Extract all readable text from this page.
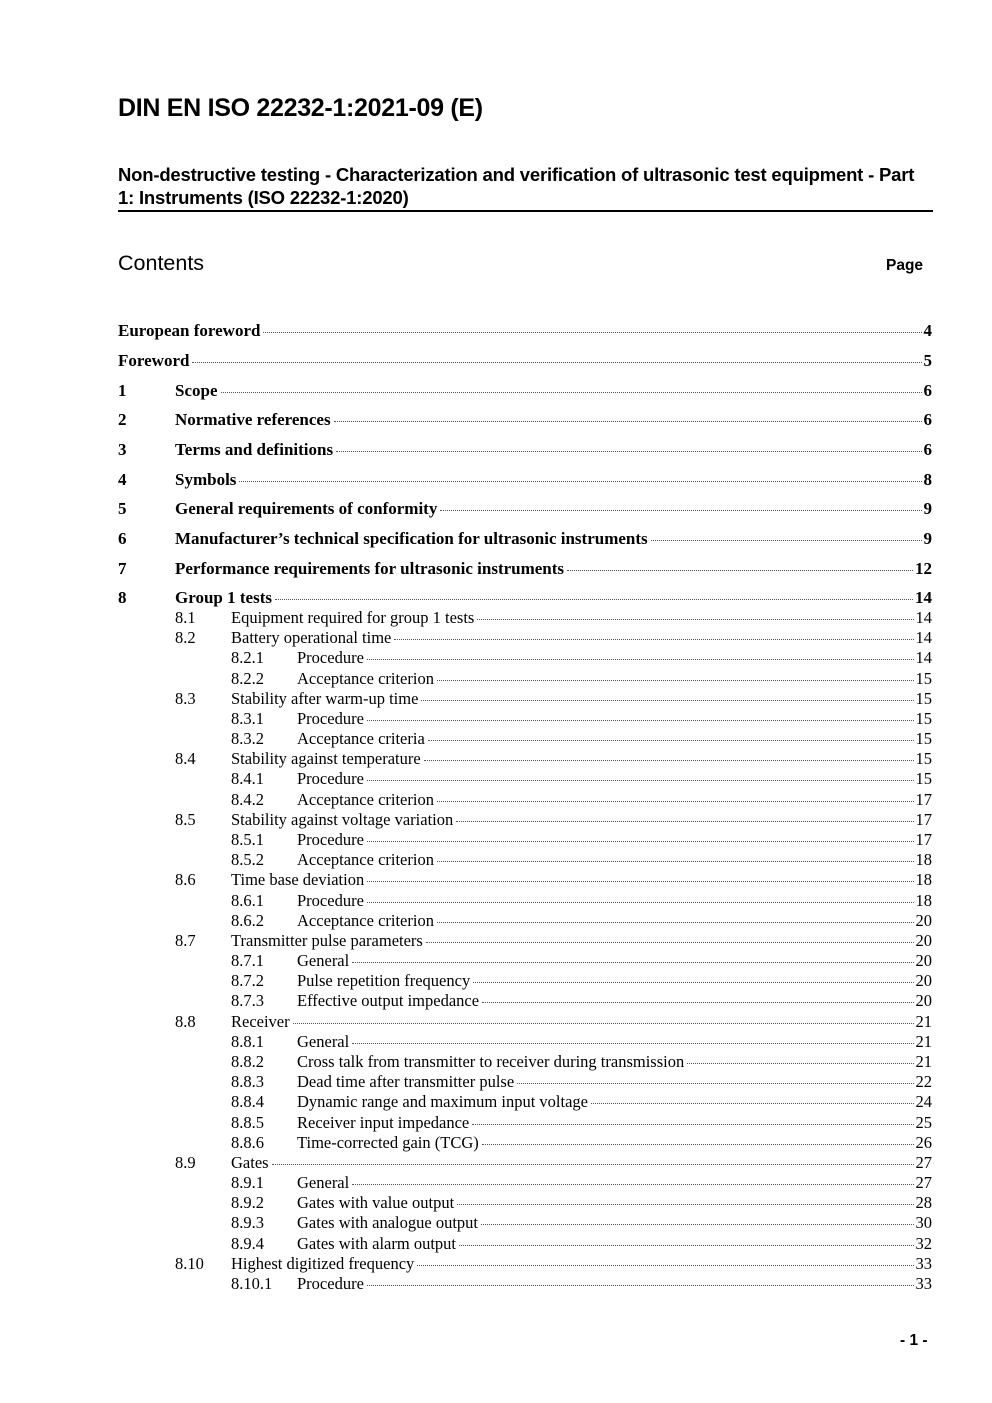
DIN EN ISO 22232-1:2021-09 (E)
Non-destructive testing - Characterization and verification of ultrasonic test equipment - Part 1: Instruments (ISO 22232-1:2020)
Contents	Page
European foreword	4
Foreword	5
1	Scope	6
2	Normative references	6
3	Terms and definitions	6
4	Symbols	8
5	General requirements of conformity	9
6	Manufacturer’s technical specification for ultrasonic instruments	9
7	Performance requirements for ultrasonic instruments	12
8	Group 1 tests	14
8.1 Equipment required for group 1 tests	14
8.2 Battery operational time	14
8.2.1 Procedure	14
8.2.2 Acceptance criterion	15
8.3 Stability after warm-up time	15
8.3.1 Procedure	15
8.3.2 Acceptance criteria	15
8.4 Stability against temperature	15
8.4.1 Procedure	15
8.4.2 Acceptance criterion	17
8.5 Stability against voltage variation	17
8.5.1 Procedure	17
8.5.2 Acceptance criterion	18
8.6 Time base deviation	18
8.6.1 Procedure	18
8.6.2 Acceptance criterion	20
8.7 Transmitter pulse parameters	20
8.7.1 General	20
8.7.2 Pulse repetition frequency	20
8.7.3 Effective output impedance	20
8.8 Receiver	21
8.8.1 General	21
8.8.2 Cross talk from transmitter to receiver during transmission	21
8.8.3 Dead time after transmitter pulse	22
8.8.4 Dynamic range and maximum input voltage	24
8.8.5 Receiver input impedance	25
8.8.6 Time-corrected gain (TCG)	26
8.9 Gates	27
8.9.1 General	27
8.9.2 Gates with value output	28
8.9.3 Gates with analogue output	30
8.9.4 Gates with alarm output	32
8.10 Highest digitized frequency	33
8.10.1 Procedure	33
- 1 -
